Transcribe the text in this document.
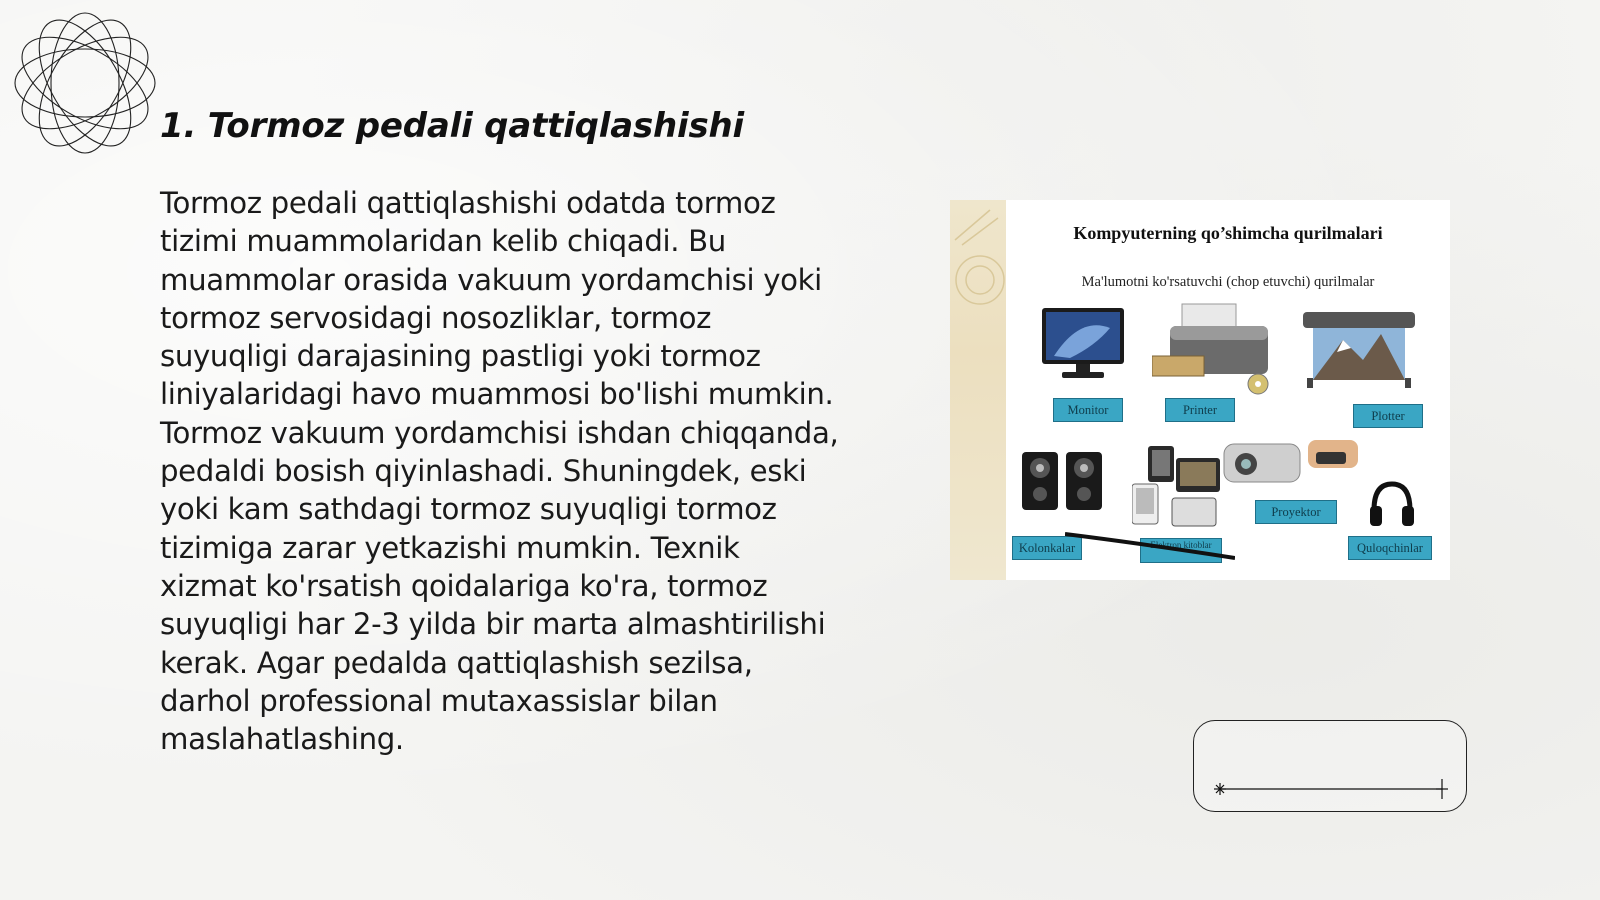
1. Tormoz pedali qattiqlashishi

Tormoz pedali qattiqlashishi odatda tormoz tizimi muammolaridan kelib chiqadi. Bu muammolar orasida vakuum yordamchisi yoki tormoz servosidagi nosozliklar, tormoz suyuqligi darajasining pastligi yoki tormoz liniyalaridagi havo muammosi bo'lishi mumkin. Tormoz vakuum yordamchisi ishdan chiqqanda, pedaldi bosish qiyinlashadi. Shuningdek, eski yoki kam sathdagi tormoz suyuqligi tormoz tizimiga zarar yetkazishi mumkin. Texnik xizmat ko'rsatish qoidalariga ko'ra, tormoz suyuqligi har 2-3 yilda bir marta almashtirilishi kerak. Agar pedalda qattiqlashish sezilsa, darhol professional mutaxassislar bilan maslahatlashing.

Kompyuterning qo’shimcha qurilmalari

Ma'lumotni ko'rsatuvchi (chop etuvchi) qurilmalar

Monitor	Printer	Plotter
Kolonkalar	Elektron kitoblar
Proyektor
Quloqchinlar
